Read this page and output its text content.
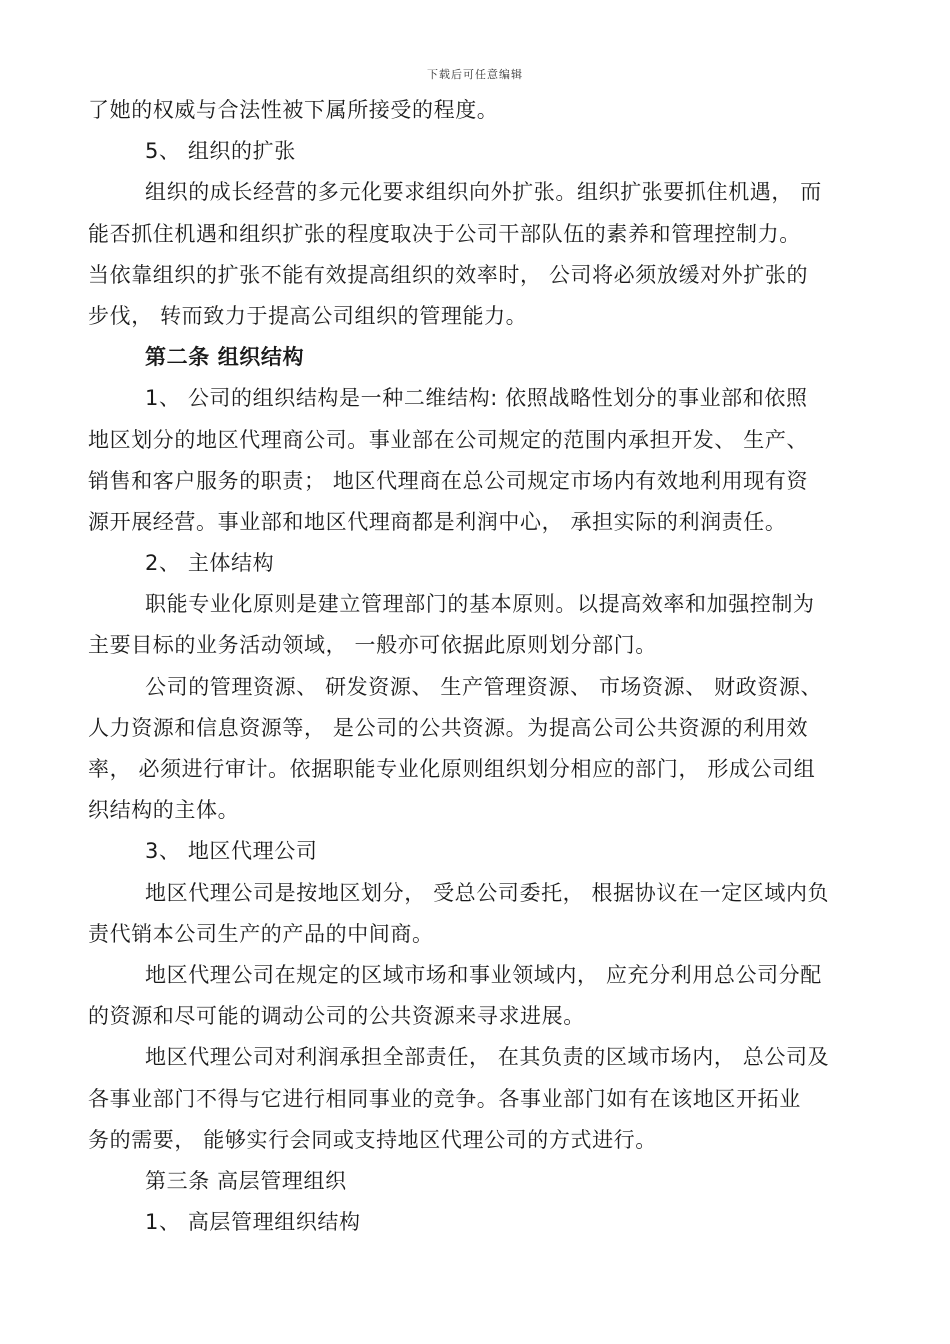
下载后可任意编辑
了她的权威与合法性被下属所接受的程度。
5、 组织的扩张
组织的成长经营的多元化要求组织向外扩张。组织扩张要抓住机遇， 而
能否抓住机遇和组织扩张的程度取决于公司干部队伍的素养和管理控制力。
当依靠组织的扩张不能有效提高组织的效率时， 公司将必须放缓对外扩张的
步伐， 转而致力于提高公司组织的管理能力。
第二条 组织结构
1、 公司的组织结构是一种二维结构: 依照战略性划分的事业部和依照
地区划分的地区代理商公司。事业部在公司规定的范围内承担开发、 生产、
销售和客户服务的职责； 地区代理商在总公司规定市场内有效地利用现有资
源开展经营。事业部和地区代理商都是利润中心， 承担实际的利润责任。
2、 主体结构
职能专业化原则是建立管理部门的基本原则。以提高效率和加强控制为
主要目标的业务活动领域， 一般亦可依据此原则划分部门。
公司的管理资源、 研发资源、 生产管理资源、 市场资源、 财政资源、
人力资源和信息资源等， 是公司的公共资源。为提高公司公共资源的利用效
率， 必须进行审计。依据职能专业化原则组织划分相应的部门， 形成公司组
织结构的主体。
3、 地区代理公司
地区代理公司是按地区划分， 受总公司委托， 根据协议在一定区域内负
责代销本公司生产的产品的中间商。
地区代理公司在规定的区域市场和事业领域内， 应充分利用总公司分配
的资源和尽可能的调动公司的公共资源来寻求进展。
地区代理公司对利润承担全部责任， 在其负责的区域市场内， 总公司及
各事业部门不得与它进行相同事业的竞争。各事业部门如有在该地区开拓业
务的需要， 能够实行会同或支持地区代理公司的方式进行。
第三条 高层管理组织
1、 高层管理组织结构
